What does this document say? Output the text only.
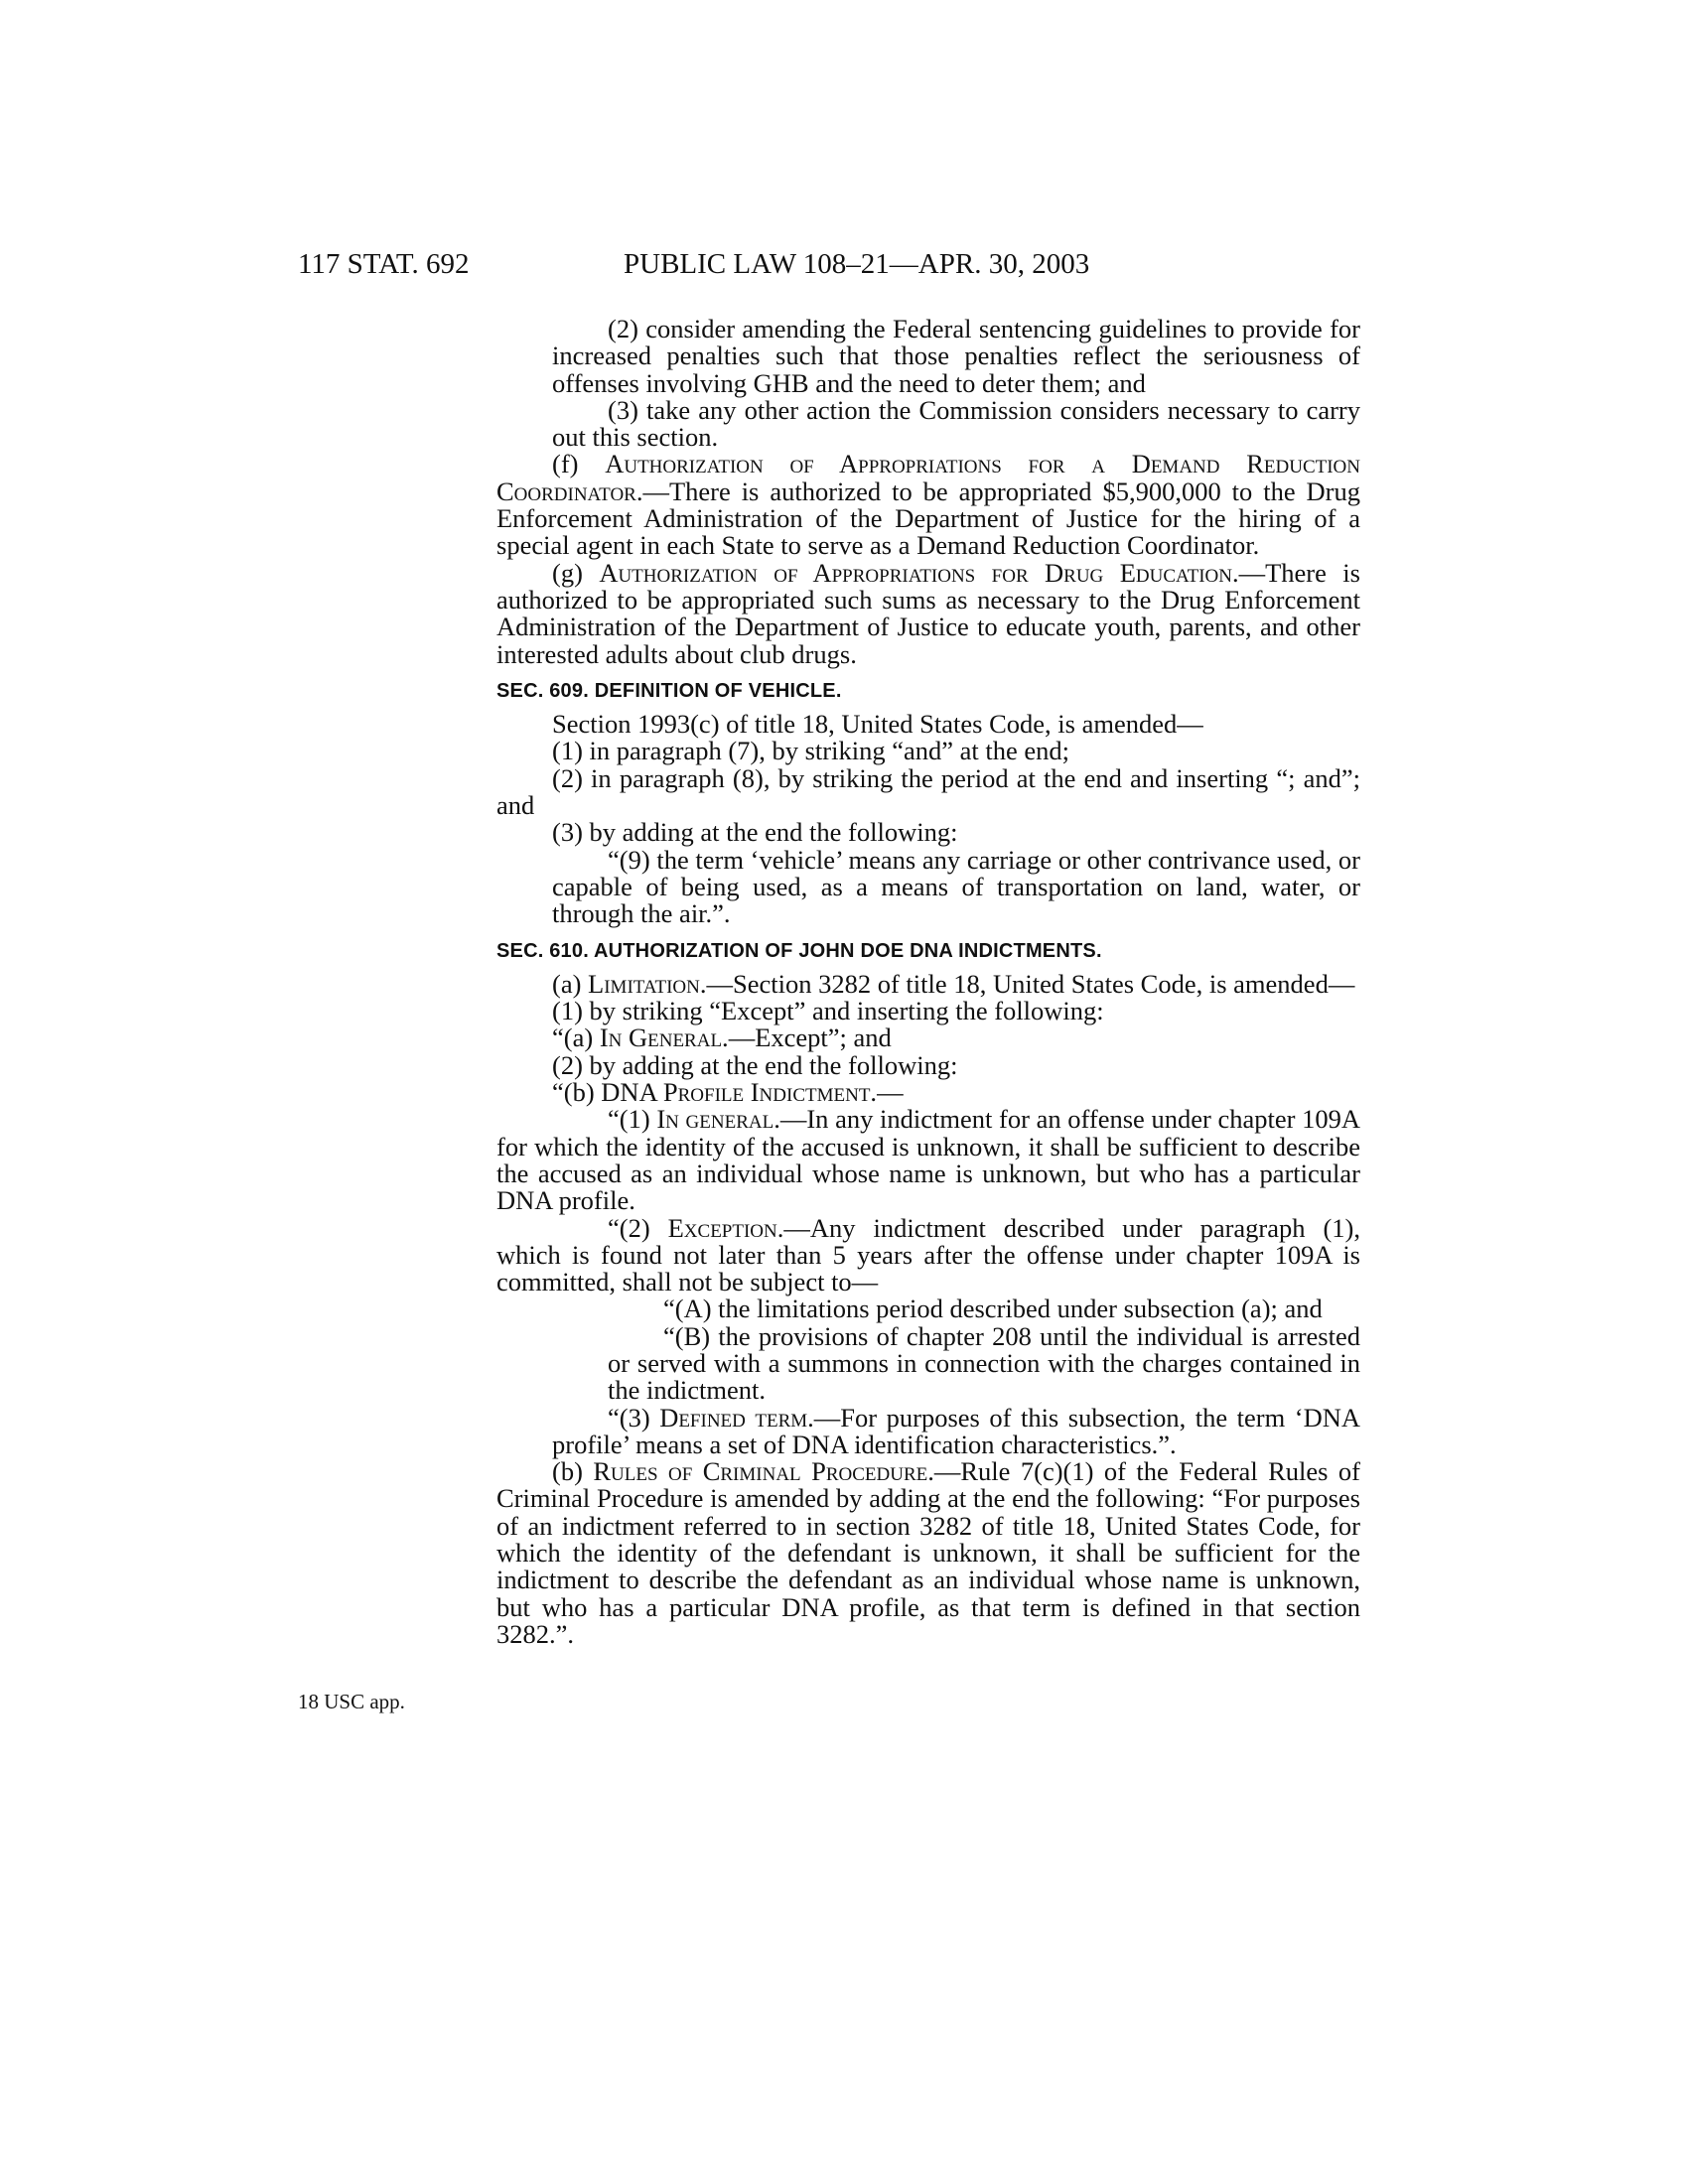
117 STAT. 692	PUBLIC LAW 108–21—APR. 30, 2003
18 USC app.

(2) consider amending the Federal sentencing guidelines to provide for increased penalties such that those penalties reflect the seriousness of offenses involving GHB and the need to deter them; and

(3) take any other action the Commission considers necessary to carry out this section.

(f) Authorization of Appropriations for a Demand Reduction Coordinator.—There is authorized to be appropriated $5,900,000 to the Drug Enforcement Administration of the Department of Justice for the hiring of a special agent in each State to serve as a Demand Reduction Coordinator.

(g) Authorization of Appropriations for Drug Education.—There is authorized to be appropriated such sums as necessary to the Drug Enforcement Administration of the Department of Justice to educate youth, parents, and other interested adults about club drugs.

SEC. 609. DEFINITION OF VEHICLE.

Section 1993(c) of title 18, United States Code, is amended—

(1) in paragraph (7), by striking “and” at the end;

(2) in paragraph (8), by striking the period at the end and inserting “; and”; and

(3) by adding at the end the following:

“(9) the term ‘vehicle’ means any carriage or other contrivance used, or capable of being used, as a means of transportation on land, water, or through the air.”.

SEC. 610. AUTHORIZATION OF JOHN DOE DNA INDICTMENTS.

(a) Limitation.—Section 3282 of title 18, United States Code, is amended—

(1) by striking “Except” and inserting the following:

“(a) In General.—Except”; and

(2) by adding at the end the following:

“(b) DNA Profile Indictment.—

“(1) In general.—In any indictment for an offense under chapter 109A for which the identity of the accused is unknown, it shall be sufficient to describe the accused as an individual whose name is unknown, but who has a particular DNA profile.

“(2) Exception.—Any indictment described under paragraph (1), which is found not later than 5 years after the offense under chapter 109A is committed, shall not be subject to—

“(A) the limitations period described under subsection (a); and

“(B) the provisions of chapter 208 until the individual is arrested or served with a summons in connection with the charges contained in the indictment.

“(3) Defined term.—For purposes of this subsection, the term ‘DNA profile’ means a set of DNA identification characteristics.”.

(b) Rules of Criminal Procedure.—Rule 7(c)(1) of the Federal Rules of Criminal Procedure is amended by adding at the end the following: “For purposes of an indictment referred to in section 3282 of title 18, United States Code, for which the identity of the defendant is unknown, it shall be sufficient for the indictment to describe the defendant as an individual whose name is unknown, but who has a particular DNA profile, as that term is defined in that section 3282.”.
